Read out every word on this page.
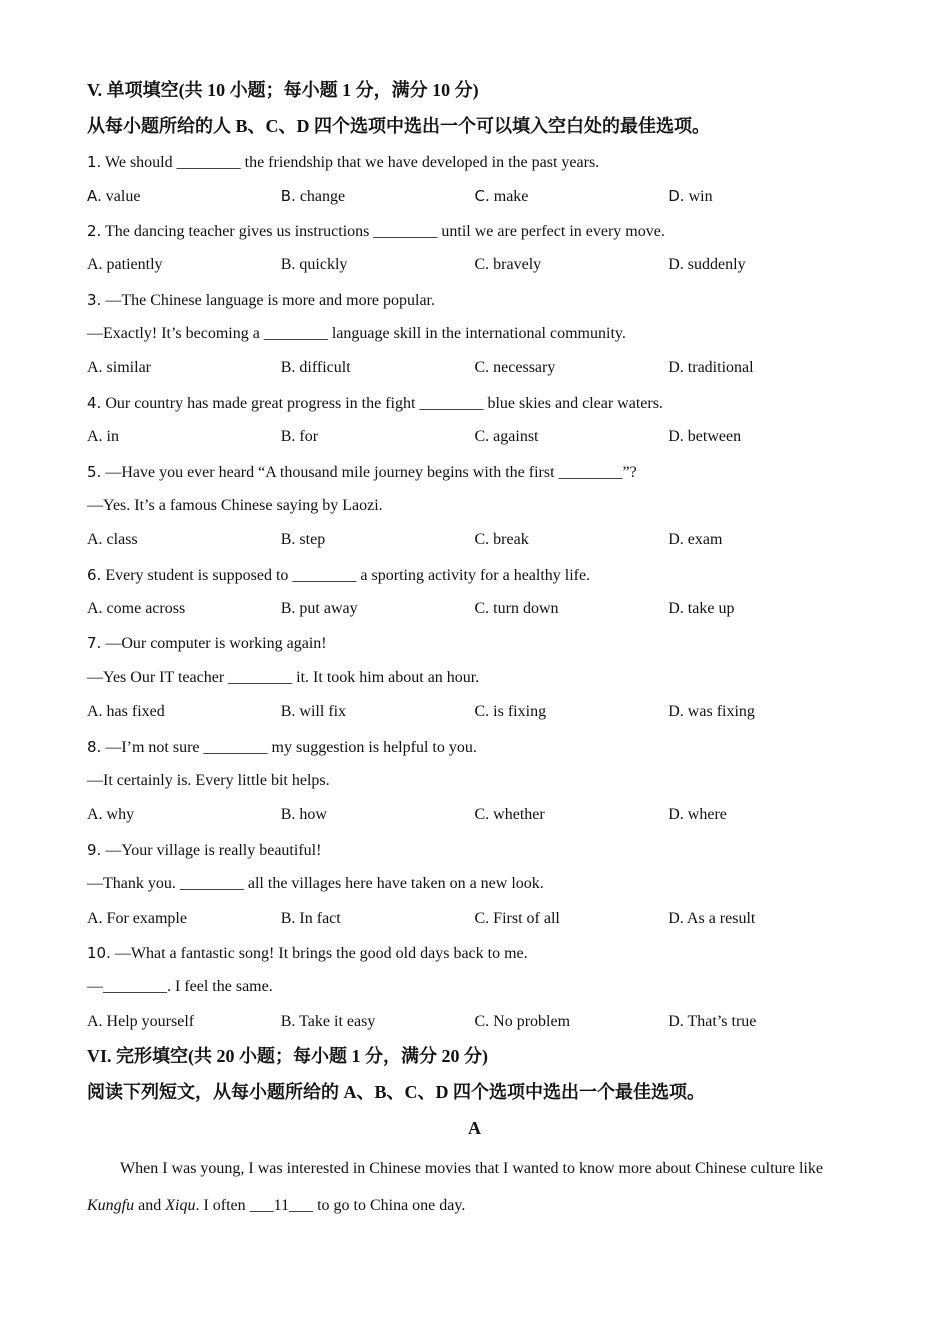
V. 单项填空(共 10 小题；每小题 1 分，满分 10 分)
从每小题所给的人 B、C、D 四个选项中选出一个可以填入空白处的最佳选项。
1. We should ________ the friendship that we have developed in the past years.
A. value	B. change	C. make	D. win
2. The dancing teacher gives us instructions ________ until we are perfect in every move.
A. patiently	B. quickly	C. bravely	D. suddenly
3. —The Chinese language is more and more popular.
—Exactly! It’s becoming a ________ language skill in the international community.
A. similar	B. difficult	C. necessary	D. traditional
4. Our country has made great progress in the fight ________ blue skies and clear waters.
A. in	B. for	C. against	D. between
5. —Have you ever heard “A thousand mile journey begins with the first ________”?
—Yes. It’s a famous Chinese saying by Laozi.
A. class	B. step	C. break	D. exam
6. Every student is supposed to ________ a sporting activity for a healthy life.
A. come across	B. put away	C. turn down	D. take up
7. —Our computer is working again!
—Yes Our IT teacher ________ it. It took him about an hour.
A. has fixed	B. will fix	C. is fixing	D. was fixing
8. —I’m not sure ________ my suggestion is helpful to you.
—It certainly is. Every little bit helps.
A. why	B. how	C. whether	D. where
9. —Your village is really beautiful!
—Thank you. ________ all the villages here have taken on a new look.
A. For example	B. In fact	C. First of all	D. As a result
10. —What a fantastic song! It brings the good old days back to me.
—________. I feel the same.
A. Help yourself	B. Take it easy	C. No problem	D. That’s true
VI. 完形填空(共 20 小题；每小题 1 分，满分 20 分)
阅读下列短文，从每小题所给的 A、B、C、D 四个选项中选出一个最佳选项。
A
When I was young, I was interested in Chinese movies that I wanted to know more about Chinese culture like Kungfu and Xiqu. I often ___11___ to go to China one day.
